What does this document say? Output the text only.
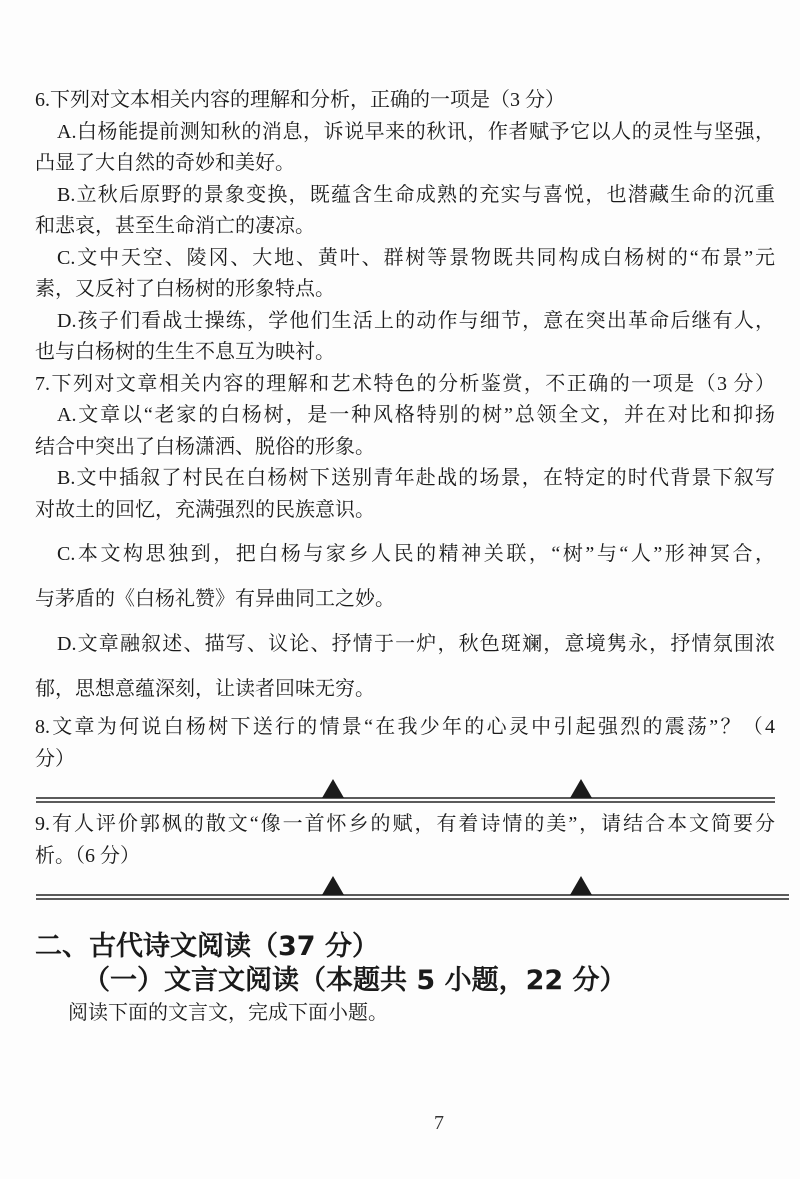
6.下列对文本相关内容的理解和分析，正确的一项是（3 分）
A.白杨能提前测知秋的消息，诉说早来的秋讯，作者赋予它以人的灵性与坚强，
凸显了大自然的奇妙和美好。
B.立秋后原野的景象变换，既蕴含生命成熟的充实与喜悦，也潜藏生命的沉重
和悲哀，甚至生命消亡的凄凉。
C.文中天空、陵冈、大地、黄叶、群树等景物既共同构成白杨树的“布景”元
素，又反衬了白杨树的形象特点。
D.孩子们看战士操练，学他们生活上的动作与细节，意在突出革命后继有人，
也与白杨树的生生不息互为映衬。
7.下列对文章相关内容的理解和艺术特色的分析鉴赏，不正确的一项是（3 分）
A.文章以“老家的白杨树，是一种风格特别的树”总领全文，并在对比和抑扬
结合中突出了白杨潇洒、脱俗的形象。
B.文中插叙了村民在白杨树下送别青年赴战的场景，在特定的时代背景下叙写
对故土的回忆，充满强烈的民族意识。
C.本文构思独到，把白杨与家乡人民的精神关联，“树”与“人”形神冥合，
与茅盾的《白杨礼赞》有异曲同工之妙。
D.文章融叙述、描写、议论、抒情于一炉，秋色斑斓，意境隽永，抒情氛围浓
郁，思想意蕴深刻，让读者回味无穷。
8.文章为何说白杨树下送行的情景“在我少年的心灵中引起强烈的震荡”？（4
分）
9.有人评价郭枫的散文“像一首怀乡的赋，有着诗情的美”，请结合本文简要分
析。（6 分）
二、古代诗文阅读（37 分）
（一）文言文阅读（本题共 5 小题，22 分）
阅读下面的文言文，完成下面小题。
7
